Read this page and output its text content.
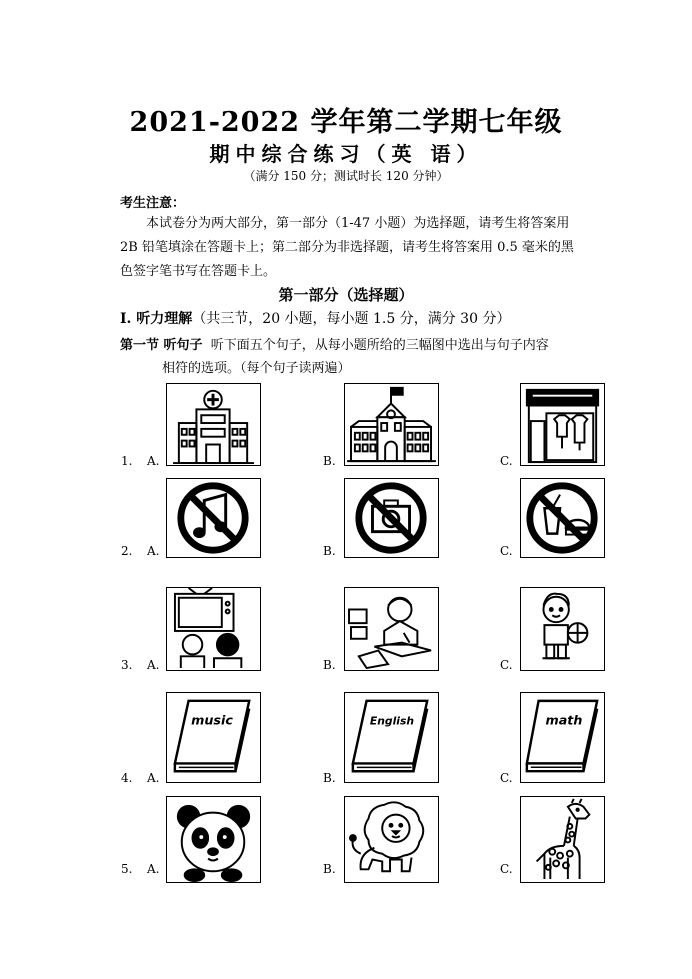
2021-2022 学年第二学期七年级
期中综合练习（英 语）
（满分 150 分；测试时长 120 分钟）
考生注意：
本试卷分为两大部分，第一部分（1-47 小题）为选择题，请考生将答案用 2B 铅笔填涂在答题卡上；第二部分为非选择题，请考生将答案用 0.5 毫米的黑色签字笔书写在答题卡上。
第一部分（选择题）
I. 听力理解（共三节，20 小题，每小题 1.5 分，满分 30 分）
第一节 听句子 听下面五个句子，从每小题所给的三幅图中选出与句子内容
相符的选项。（每个句子读两遍）
1. A.	B.	C.
2. A.	B.	C.
3. A.	B.	C.
4. A.	B.	C.
music	English	math
5. A.	B.	C.
